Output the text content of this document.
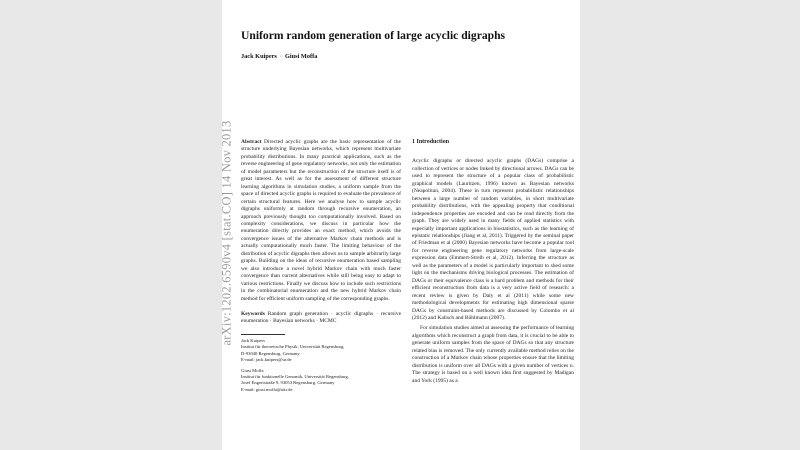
arXiv:1202.6590v4 [stat.CO] 14 Nov 2013
Uniform random generation of large acyclic digraphs
Jack Kuipers · Giusi Moffa

Abstract Directed acyclic graphs are the basic representation of the structure underlying Bayesian networks, which represent multivariate probability distributions. In many practical applications, such as the reverse engineering of gene regulatory networks, not only the estimation of model parameters but the reconstruction of the structure itself is of great interest. As well as for the assessment of different structure learning algorithms in simulation studies, a uniform sample from the space of directed acyclic graphs is required to evaluate the prevalence of certain structural features. Here we analyse how to sample acyclic digraphs uniformly at random through recursive enumeration, an approach previously thought too computationally involved. Based on complexity considerations, we discuss in particular how the enumeration directly provides an exact method, which avoids the convergence issues of the alternative Markov chain methods and is actually computationally much faster. The limiting behaviour of the distribution of acyclic digraphs then allows us to sample arbitrarily large graphs. Building on the ideas of recursive enumeration based sampling we also introduce a novel hybrid Markov chain with much faster convergence than current alternatives while still being easy to adapt to various restrictions. Finally we discuss how to include such restrictions in the combinatorial enumeration and the new hybrid Markov chain method for efficient uniform sampling of the corresponding graphs.

Keywords Random graph generation · acyclic digraphs · recursive enumeration · Bayesian networks · MCMC

Jack Kuipers

Institut für theoretische Physik, Universität Regensburg,

D-93040 Regensburg, Germany

E-mail: jack.kuipers@ur.de

Giusi Moffa

Institut für funktionelle Genomik, Universität Regensburg,

Josef Engertstraße 9, 93053 Regensburg, Germany

E-mail: giusi.moffa@ukr.de

1 Introduction

Acyclic digraphs or directed acyclic graphs (DAGs) comprise a collection of vertices or nodes linked by directional arrows. DAGs can be used to represent the structure of a popular class of probabilistic graphical models (Lauritzen, 1996) known as Bayesian networks (Neapolitan, 2004). These in turn represent probabilistic relationships between a large number of random variables, in short multivariate probability distributions, with the appealing property that conditional independence properties are encoded and can be read directly from the graph. They are widely used in many fields of applied statistics with especially important applications in biostatistics, such as the learning of epistatic relationships (Jiang et al, 2011). Triggered by the seminal paper of Friedman et al (2000) Bayesian networks have become a popular tool for reverse engineering gene regulatory networks from large-scale expression data (Emmert-Streib et al, 2012). Inferring the structure as well as the parameters of a model is particularly important to shed some light on the mechanisms driving biological processes. The estimation of DAGs or their equivalence class is a hard problem and methods for their efficient reconstruction from data is a very active field of research: a recent review is given by Daly et al (2011) while some new methodological developments for estimating high dimensional sparse DAGs by constraint-based methods are discussed by Colombo et al (2012) and Kalisch and Bühlmann (2007).

For simulation studies aimed at assessing the performance of learning algorithms which reconstruct a graph from data, it is crucial to be able to generate uniform samples from the space of DAGs so that any structure related bias is removed. The only currently available method relies on the construction of a Markov chain whose properties ensure that the limiting distribution is uniform over all DAGs with a given number of vertices n. The strategy is based on a well known idea first suggested by Madigan and York (1995) as a
